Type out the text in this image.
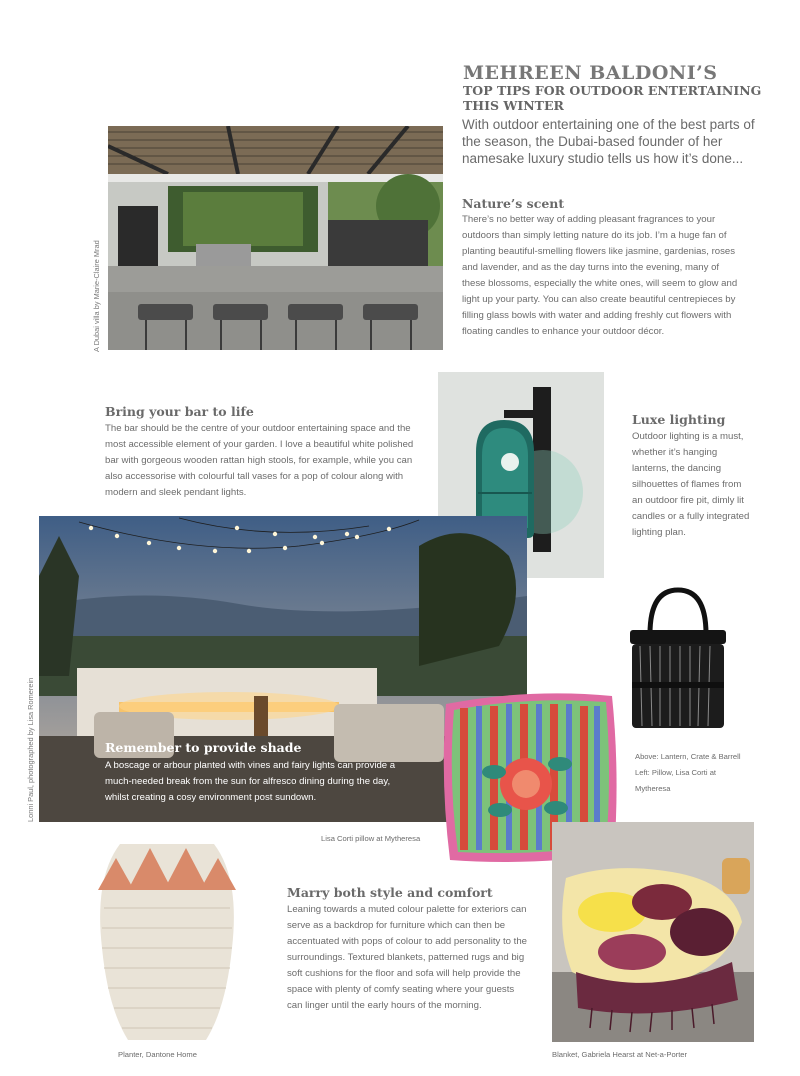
MEHREEN BALDONI’S
TOP TIPS FOR OUTDOOR ENTERTAINING THIS WINTER
With outdoor entertaining one of the best parts of the season, the Dubai-based founder of her namesake luxury studio tells us how it’s done...
A Dubai villa by Marie-Claire Mrad
Nature’s scent
There’s no better way of adding pleasant fragrances to your outdoors than simply letting nature do its job. I’m a huge fan of planting beautiful-smelling flowers like jasmine, gardenias, roses and lavender, and as the day turns into the evening, many of these blossoms, especially the white ones, will seem to glow and light up your party. You can also create beautiful centrepieces by filling glass bowls with water and adding freshly cut flowers with floating candles to enhance your outdoor décor.
Bring your bar to life
The bar should be the centre of your outdoor entertaining space and the most accessible element of your garden. I love a beautiful white polished bar with gorgeous wooden rattan high stools, for example, while you can also accessorise with colourful tall vases for a pop of colour along with modern and sleek pendant lights.
Luxe lighting
Outdoor lighting is a must, whether it’s hanging lanterns, the dancing silhouettes of flames from an outdoor fire pit, dimly lit candles or a fully integrated lighting plan.
Lonni Paul, photographed by Lisa Romerein	Remember to provide shade
A boscage or arbour planted with vines and fairy lights can provide a much-needed break from the sun for alfresco dining during the day, whilst creating a cosy environment post sundown.
Above: Lantern, Crate & Barrell Left: Pillow, Lisa Corti at Mytheresa
Lisa Corti pillow at Mytheresa
Planter, Dantone Home
Marry both style and comfort
Leaning towards a muted colour palette for exteriors can serve as a backdrop for furniture which can then be accentuated with pops of colour to add personality to the surroundings. Textured blankets, patterned rugs and big soft cushions for the floor and sofa will help provide the space with plenty of comfy seating where your guests can linger until the early hours of the morning.
Blanket, Gabriela Hearst at Net-a-Porter
